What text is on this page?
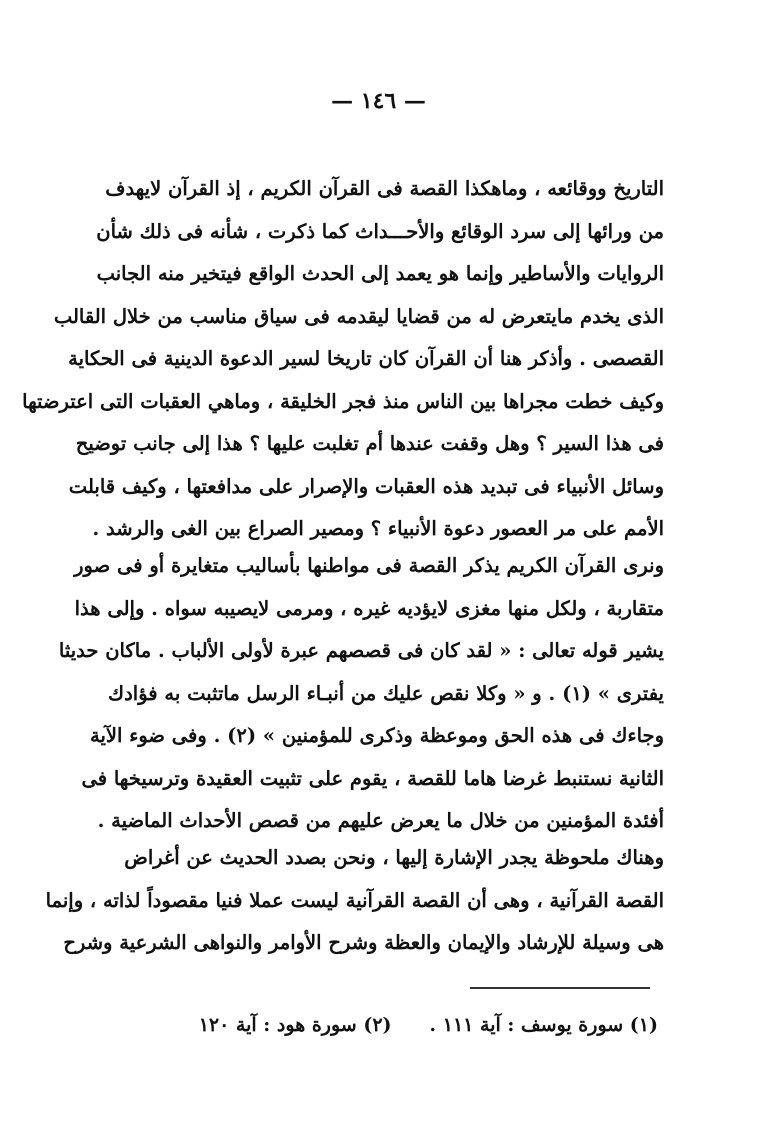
— ١٤٦ —
التاريخ ووقائعه ، وماهكذا القصة فى القرآن الكريم ، إذ القرآن لايهدف
من ورائها إلى سرد الوقائع والأحـــداث كما ذكرت ، شأنه فى ذلك شأن
الروايات والأساطير وإنما هو يعمد إلى الحدث الواقع فيتخير منه الجانب
الذى يخدم مايتعرض له من قضايا ليقدمه فى سياق مناسب من خلال القالب
القصصى . وأذكر هنا أن القرآن كان تاريخا لسير الدعوة الدينية فى الحكاية
وكيف خطت مجراها بين الناس منذ فجر الخليقة ، وماهي العقبات التى اعترضتها
فى هذا السير ؟ وهل وقفت عندها أم تغلبت عليها ؟ هذا إلى جانب توضيح
وسائل الأنبياء فى تبديد هذه العقبات والإصرار على مدافعتها ، وكيف قابلت
الأمم على مر العصور دعوة الأنبياء ؟ ومصير الصراع بين الغى والرشد .
ونرى القرآن الكريم يذكر القصة فى مواطنها بأساليب متغايرة أو فى صور
متقاربة ، ولكل منها مغزى لايؤديه غيره ، ومرمى لايصيبه سواه . وإلى هذا
يشير قوله تعالى : « لقد كان فى قصصهم عبرة لأولى الألباب . ماكان حديثا
يفترى » (١) . و « وكلا نقص عليك من أنبـاء الرسل ماتثبت به فؤادك
وجاءك فى هذه الحق وموعظة وذكرى للمؤمنين » (٢) . وفى ضوء الآية
الثانية نستنبط غرضا هاما للقصة ، يقوم على تثبيت العقيدة وترسيخها فى
أفئدة المؤمنين من خلال ما يعرض عليهم من قصص الأحداث الماضية .
وهناك ملحوظة يجدر الإشارة إليها ، ونحن بصدد الحديث عن أغراض
القصة القرآنية ، وهى أن القصة القرآنية ليست عملا فنيا مقصوداً لذاته ، وإنما
هى وسيلة للإرشاد والإيمان والعظة وشرح الأوامر والنواهى الشرعية وشرح
(١) سورة يوسف : آية ١١١ .(٢) سورة هود : آية ١٢٠
